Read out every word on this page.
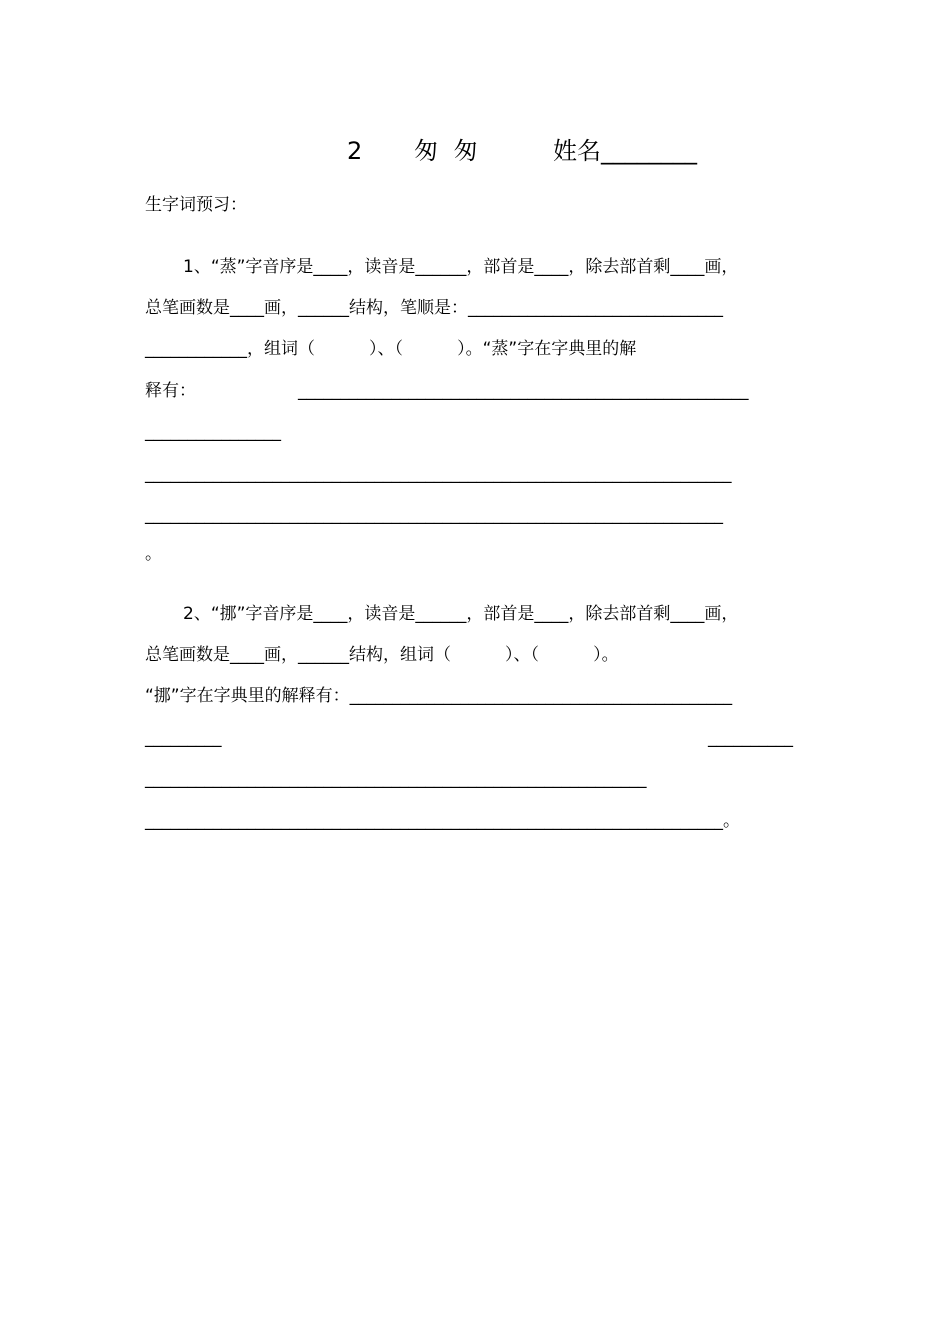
2 匆 匆	姓名________
生字词预习：
1、“蒸”字音序是____，读音是______，部首是____，除去部首剩____画，
总笔画数是____画，______结构，笔顺是：______________________________
____________，组词（          ）、（          ）。“蒸”字在字典里的解
释有：	_____________________________________________________
________________
_____________________________________________________________________
____________________________________________________________________
。
2、“挪”字音序是____，读音是______，部首是____，除去部首剩____画，
总笔画数是____画，______结构，组词（          ）、（          ）。
“挪”字在字典里的解释有：_____________________________________________
_________	__________
___________________________________________________________
____________________________________________________________________。
